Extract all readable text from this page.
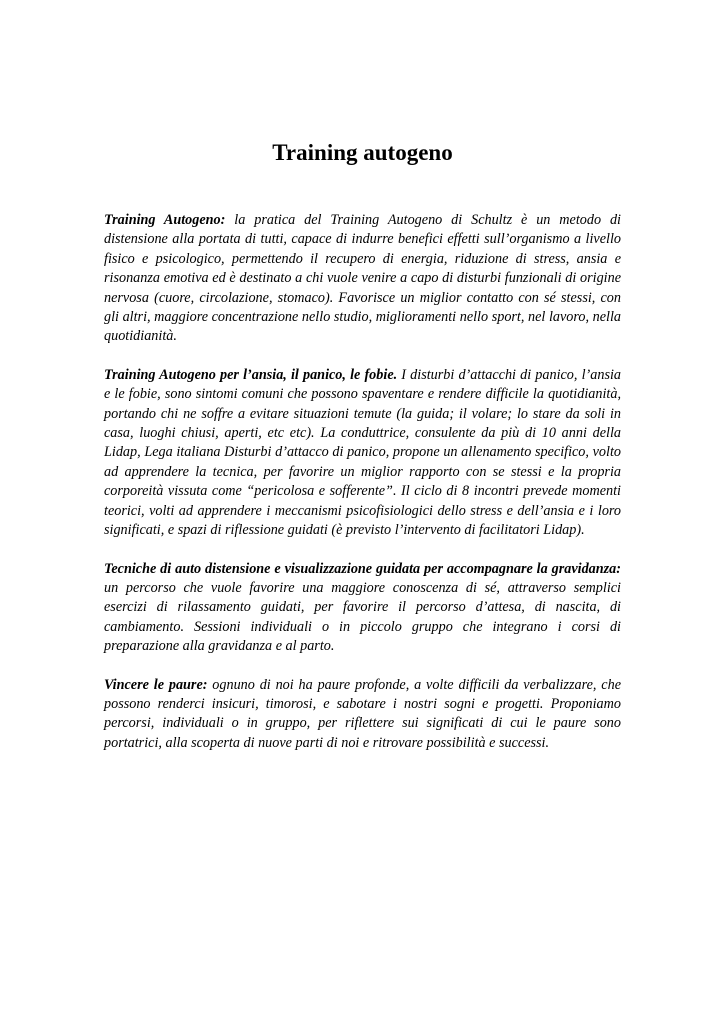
Training autogeno

Training Autogeno: la pratica del Training Autogeno di Schultz è un metodo di distensione alla portata di tutti, capace di indurre benefici effetti sull’organismo a livello fisico e psicologico, permettendo il recupero di energia, riduzione di stress, ansia e risonanza emotiva ed è destinato a chi vuole venire a capo di disturbi funzionali di origine nervosa (cuore, circolazione, stomaco). Favorisce un miglior contatto con sé stessi, con gli altri, maggiore concentrazione nello studio, miglioramenti nello sport, nel lavoro, nella quotidianità.

Training Autogeno per l’ansia, il panico, le fobie. I disturbi d’attacchi di panico, l’ansia e le fobie, sono sintomi comuni che possono spaventare e rendere difficile la quotidianità, portando chi ne soffre a evitare situazioni temute (la guida; il volare; lo stare da soli in casa, luoghi chiusi, aperti, etc etc). La conduttrice, consulente da più di 10 anni della Lidap, Lega italiana Disturbi d’attacco di panico, propone un allenamento specifico, volto ad apprendere la tecnica, per favorire un miglior rapporto con se stessi e la propria corporeità vissuta come “pericolosa e sofferente”. Il ciclo di 8 incontri prevede momenti teorici, volti ad apprendere i meccanismi psicofisiologici dello stress e dell’ansia e i loro significati, e spazi di riflessione guidati (è previsto l’intervento di facilitatori Lidap).

Tecniche di auto distensione e visualizzazione guidata per accompagnare la gravidanza: un percorso che vuole favorire una maggiore conoscenza di sé, attraverso semplici esercizi di rilassamento guidati, per favorire il percorso d’attesa, di nascita, di cambiamento. Sessioni individuali o in piccolo gruppo che integrano i corsi di preparazione alla gravidanza e al parto.

Vincere le paure: ognuno di noi ha paure profonde, a volte difficili da verbalizzare, che possono renderci insicuri, timorosi, e sabotare i nostri sogni e progetti. Proponiamo percorsi, individuali o in gruppo, per riflettere sui significati di cui le paure sono portatrici, alla scoperta di nuove parti di noi e ritrovare possibilità e successi.
